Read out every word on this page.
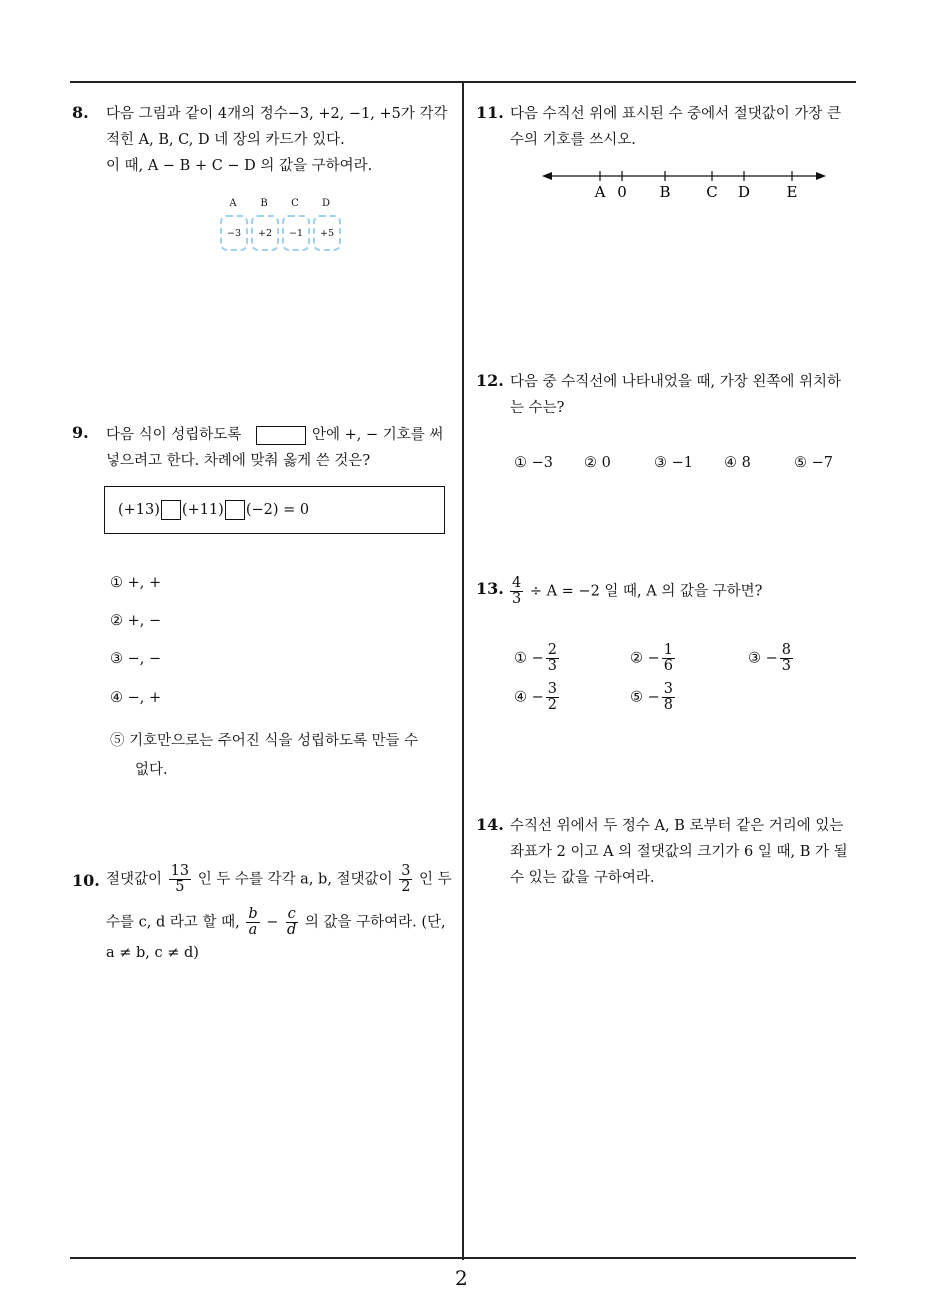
2
8. 다음 그림과 같이 4개의 정수−3, +2, −1, +5가 각각
적힌 A, B, C, D 네 장의 카드가 있다.
이 때, A − B + C − D 의 값을 구하여라.
A	B	C	D
−3	+2	−1	+5
9. 다음 식이 성립하도록	안에 +, − 기호를 써
넣으려고 한다. 차례에 맞춰 옳게 쓴 것은?
(+13) (+11) (−2) = 0
① +, +
② +, −
③ −, −
④ −, +
⑤ 기호만으로는 주어진 식을 성립하도록 만들 수
없다.
10. 절댓값이 $\frac{13}{5}$ 인 두 수를 각각 a, b, 절댓값이 $\frac{3}{2}$ 인 두
수를 c, d 라고 할 때, $\frac{b}{a} - \frac{c}{d}$ 의 값을 구하여라. (단,
a ≠ b, c ≠ d)
11. 다음 수직선 위에 표시된 수 중에서 절댓값이 가장 큰
수의 기호를 쓰시오.
A 0 B C D E
12. 다음 중 수직선에 나타내었을 때, 가장 왼쪽에 위치하
는 수는?
① −3 ② 0	③ −1 ④ 8	⑤ −7
13. $\frac{4}{3} \div A = -2$ 일 때, A 의 값을 구하면?
① − $\frac{2}{3}$	② − $\frac{1}{6}$	③ − $\frac{8}{3}$
④ − $\frac{3}{2}$	⑤ − $\frac{3}{8}$
14. 수직선 위에서 두 정수 A, B 로부터 같은 거리에 있는
좌표가 2 이고 A 의 절댓값의 크기가 6 일 때, B 가 될
수 있는 값을 구하여라.
